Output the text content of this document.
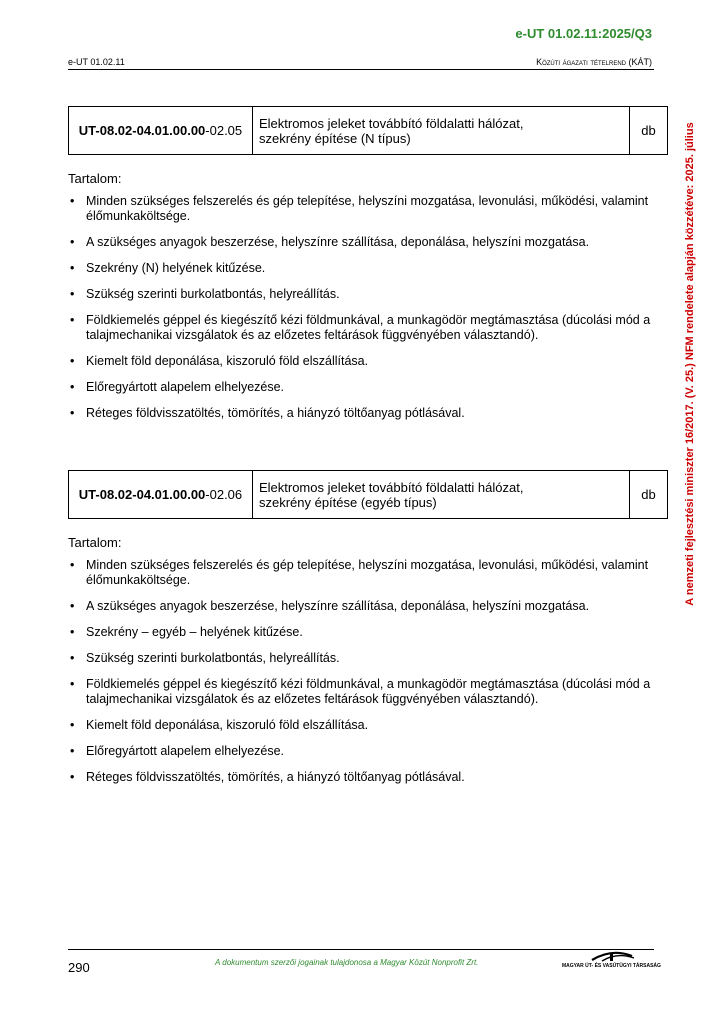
e-UT 01.02.11:2025/Q3
e-UT 01.02.11	Közúti ágazati tételrend (KÁT)
A nemzeti fejlesztési miniszter 16/2017. (V. 25.) NFM rendelete alapján közzétéve: 2025. július
UT-08.02-04.01.00.00-02.05	Elektromos jeleket továbbító földalatti hálózat,
szekrény építése (N típus)	db
Tartalom:
• Minden szükséges felszerelés és gép telepítése, helyszíni mozgatása, levonulási, működési, valamint élőmunkaköltsége.
• A szükséges anyagok beszerzése, helyszínre szállítása, deponálása, helyszíni mozgatása.
• Szekrény (N) helyének kitűzése.
• Szükség szerinti burkolatbontás, helyreállítás.
• Földkiemelés géppel és kiegészítő kézi földmunkával, a munkagödör megtámasztása (dúcolási mód a talajmechanikai vizsgálatok és az előzetes feltárások függvényében választandó).
• Kiemelt föld deponálása, kiszoruló föld elszállítása.
• Előregyártott alapelem elhelyezése.
• Réteges földvisszatöltés, tömörítés, a hiányzó töltőanyag pótlásával.
UT-08.02-04.01.00.00-02.06	Elektromos jeleket továbbító földalatti hálózat,
szekrény építése (egyéb típus)	db
Tartalom:
• Minden szükséges felszerelés és gép telepítése, helyszíni mozgatása, levonulási, működési, valamint élőmunkaköltsége.
• A szükséges anyagok beszerzése, helyszínre szállítása, deponálása, helyszíni mozgatása.
• Szekrény – egyéb – helyének kitűzése.
• Szükség szerinti burkolatbontás, helyreállítás.
• Földkiemelés géppel és kiegészítő kézi földmunkával, a munkagödör megtámasztása (dúcolási mód a talajmechanikai vizsgálatok és az előzetes feltárások függvényében választandó).
• Kiemelt föld deponálása, kiszoruló föld elszállítása.
• Előregyártott alapelem elhelyezése.
• Réteges földvisszatöltés, tömörítés, a hiányzó töltőanyag pótlásával.
290	A dokumentum szerzői jogainak tulajdonosa a Magyar Közút Nonprofit Zrt.	MAGYAR ÚT- ÉS VASÚTÜGYI TÁRSASÁG
